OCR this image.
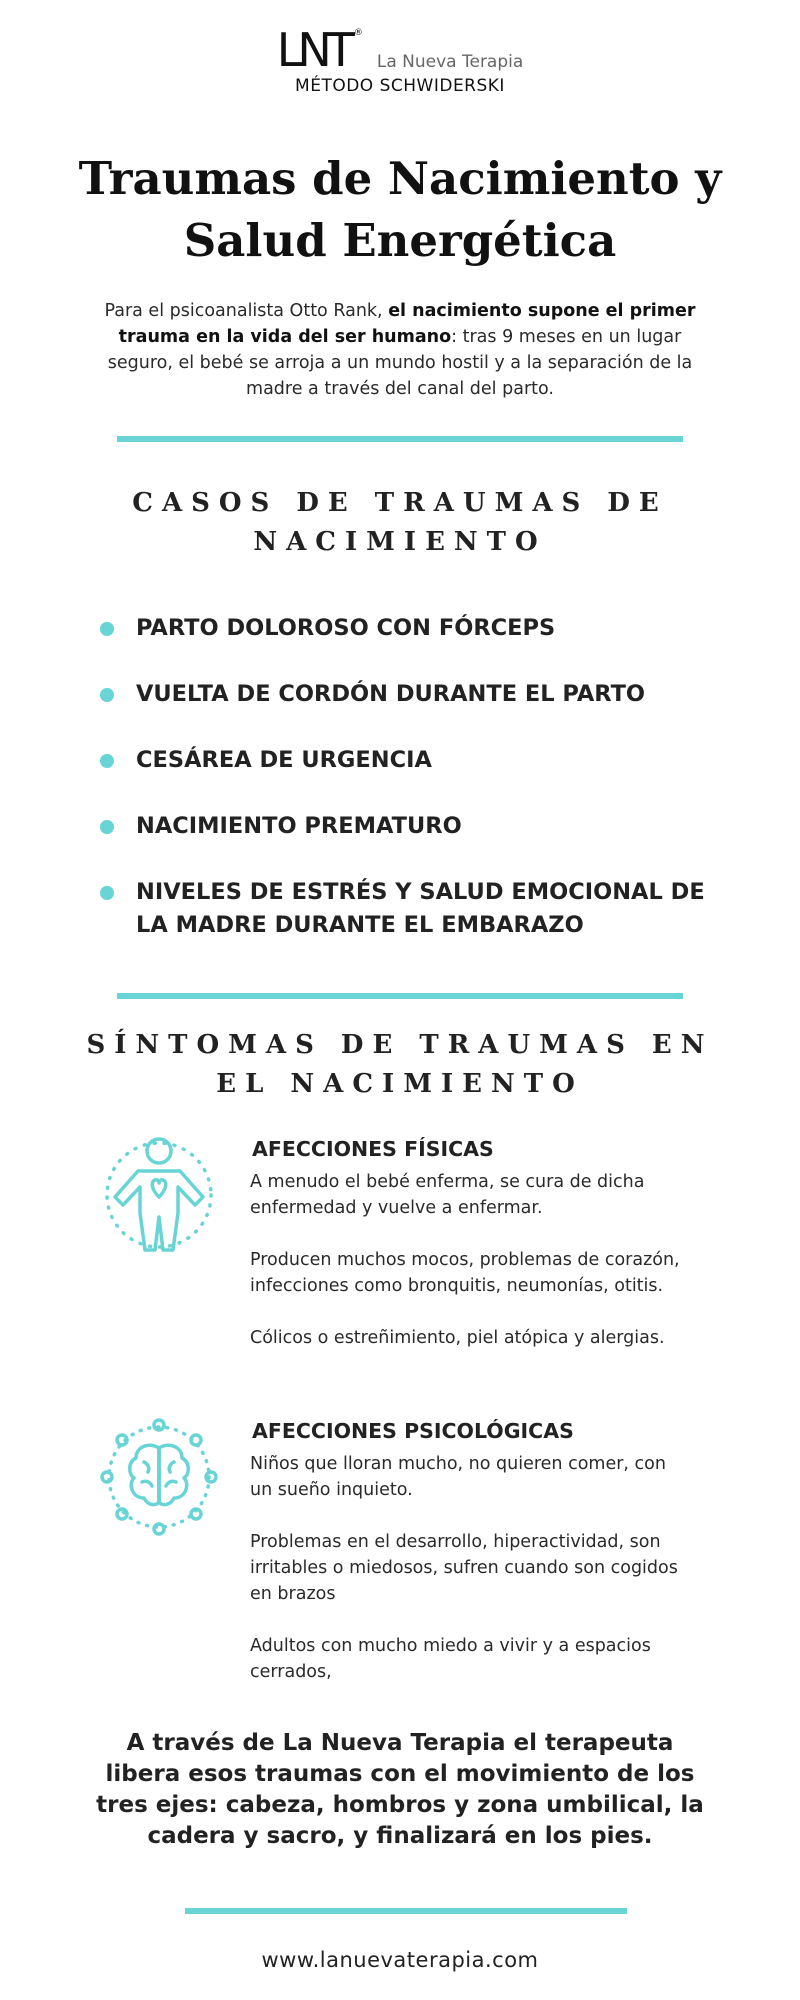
LNT ®
La Nueva Terapia
MÉTODO SCHWIDERSKI
Traumas de Nacimiento y
Salud Energética

Para el psicoanalista Otto Rank, el nacimiento supone el primer trauma en la vida del ser humano: tras 9 meses en un lugar seguro, el bebé se arroja a un mundo hostil y a la separación de la madre a través del canal del parto.

CASOS DE TRAUMAS DE NACIMIENTO
PARTO DOLOROSO CON FÓRCEPS
VUELTA DE CORDÓN DURANTE EL PARTO
CESÁREA DE URGENCIA
NACIMIENTO PREMATURO
NIVELES DE ESTRÉS Y SALUD EMOCIONAL DE LA MADRE DURANTE EL EMBARAZO
SÍNTOMAS DE TRAUMAS EN EL NACIMIENTO
AFECCIONES FÍSICAS

A menudo el bebé enferma, se cura de dicha enfermedad y vuelve a enfermar.

Producen muchos mocos, problemas de corazón, infecciones como bronquitis, neumonías, otitis.

Cólicos o estreñimiento, piel atópica y alergias.

AFECCIONES PSICOLÓGICAS

Niños que lloran mucho, no quieren comer, con un sueño inquieto.

Problemas en el desarrollo, hiperactividad, son irritables o miedosos, sufren cuando son cogidos en brazos

Adultos con mucho miedo a vivir y a espacios cerrados,

A través de La Nueva Terapia el terapeuta libera esos traumas con el movimiento de los tres ejes: cabeza, hombros y zona umbilical, la cadera y sacro, y finalizará en los pies.

www.lanuevaterapia.com
